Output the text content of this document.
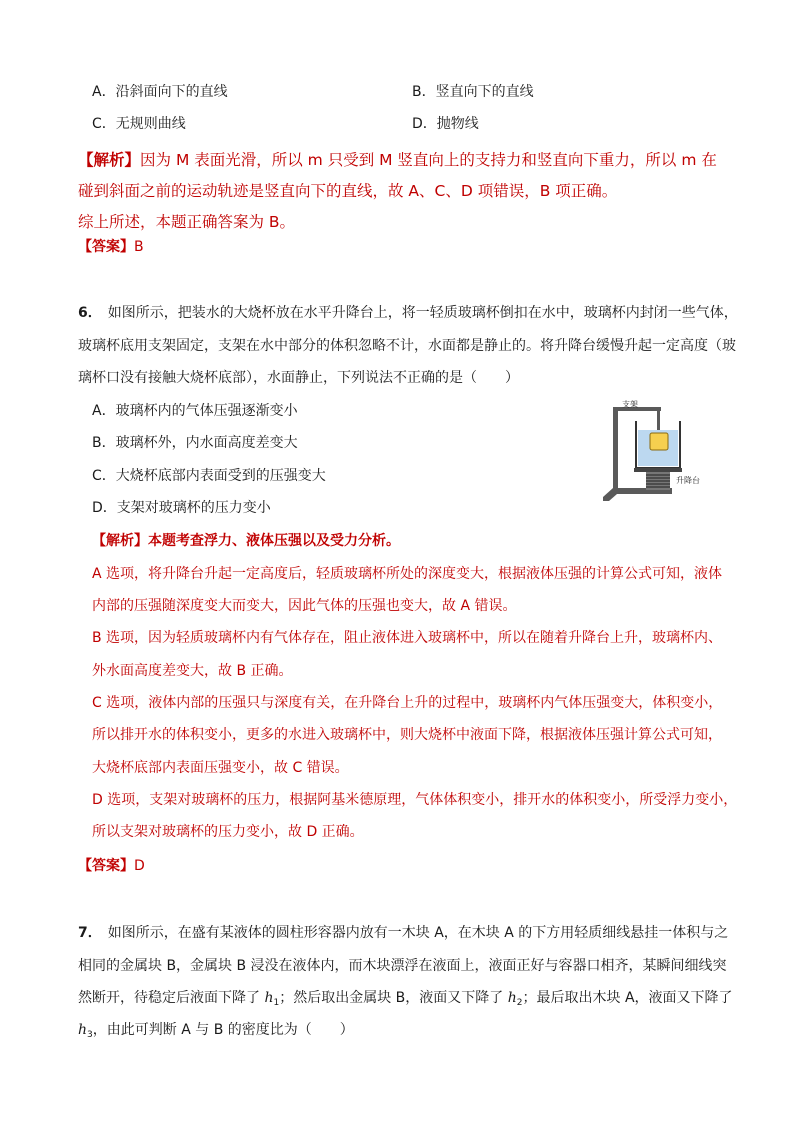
A．沿斜面向下的直线	B．竖直向下的直线
C．无规则曲线	D．抛物线
【解析】因为 M 表面光滑，所以 m 只受到 M 竖直向上的支持力和竖直向下重力，所以 m 在
碰到斜面之前的运动轨迹是竖直向下的直线，故 A、C、D 项错误，B 项正确。
综上所述，本题正确答案为 B。
【答案】B
6． 如图所示，把装水的大烧杯放在水平升降台上，将一轻质玻璃杯倒扣在水中，玻璃杯内封闭一些气体，
玻璃杯底用支架固定，支架在水中部分的体积忽略不计，水面都是静止的。将升降台缓慢升起一定高度（玻
璃杯口没有接触大烧杯底部），水面静止，下列说法不正确的是（　　）
A．玻璃杯内的气体压强逐渐变小
B．玻璃杯外，内水面高度差变大
C．大烧杯底部内表面受到的压强变大
D．支架对玻璃杯的压力变小
支架
升降台
【解析】本题考查浮力、液体压强以及受力分析。
A 选项，将升降台升起一定高度后，轻质玻璃杯所处的深度变大，根据液体压强的计算公式可知，液体
内部的压强随深度变大而变大，因此气体的压强也变大，故 A 错误。
B 选项，因为轻质玻璃杯内有气体存在，阻止液体进入玻璃杯中，所以在随着升降台上升，玻璃杯内、
外水面高度差变大，故 B 正确。
C 选项，液体内部的压强只与深度有关，在升降台上升的过程中，玻璃杯内气体压强变大，体积变小，
所以排开水的体积变小，更多的水进入玻璃杯中，则大烧杯中液面下降，根据液体压强计算公式可知，
大烧杯底部内表面压强变小，故 C 错误。
D 选项，支架对玻璃杯的压力，根据阿基米德原理，气体体积变小，排开水的体积变小，所受浮力变小，
所以支架对玻璃杯的压力变小，故 D 正确。
【答案】D
7． 如图所示，在盛有某液体的圆柱形容器内放有一木块 A，在木块 A 的下方用轻质细线悬挂一体积与之
相同的金属块 B，金属块 B 浸没在液体内，而木块漂浮在液面上，液面正好与容器口相齐，某瞬间细线突
然断开，待稳定后液面下降了 $h_1$；然后取出金属块 B，液面又下降了 $h_2$；最后取出木块 A，液面又下降了
$h_3$，由此可判断 A 与 B 的密度比为（　　）
